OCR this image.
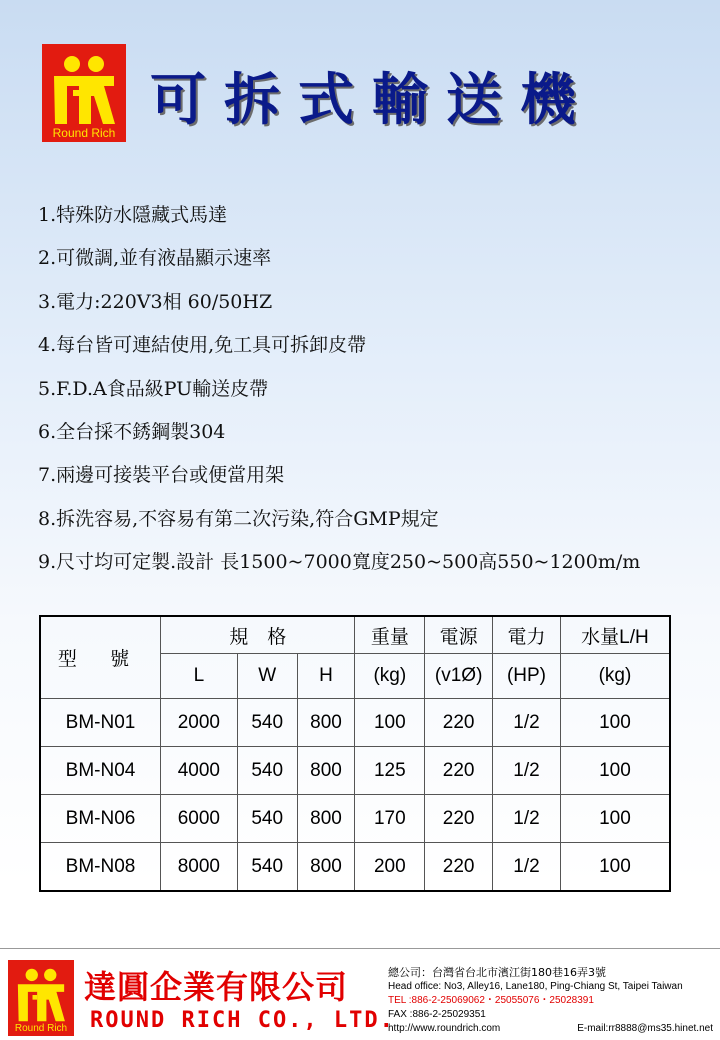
Round Rich 可拆式輸送機
1.特殊防水隱藏式馬達
2.可微調,並有液晶顯示速率
3.電力:220V3相 60/50HZ
4.每台皆可連結使用,免工具可拆卸皮帶
5.F.D.A食品級PU輸送皮帶
6.全台採不銹鋼製304
7.兩邊可接裝平台或便當用架
8.拆洗容易,不容易有第二次污染,符合GMP規定
9.尺寸均可定製.設計 長1500~7000寬度250~500高550~1200m/m
型 號	規　格			重量	電源	電力	水量L/H
	L	W	H	(kg)	(v1Ø)	(HP)	(kg)
BM-N01	2000	540	800	100	220	1/2	100
BM-N04	4000	540	800	125	220	1/2	100
BM-N06	6000	540	800	170	220	1/2	100
BM-N08	8000	540	800	200	220	1/2	100
Round Rich
達圓企業有限公司
ROUND RICH CO., LTD.
總公司：台灣省台北市濱江街180巷16弄3號
Head office: No3, Alley16, Lane180, Ping-Chiang St, Taipei Taiwan
TEL :886-2-25069062・25055076・25028391
FAX :886-2-25029351
http://www.roundrich.com	E-mail:rr8888@ms35.hinet.net
